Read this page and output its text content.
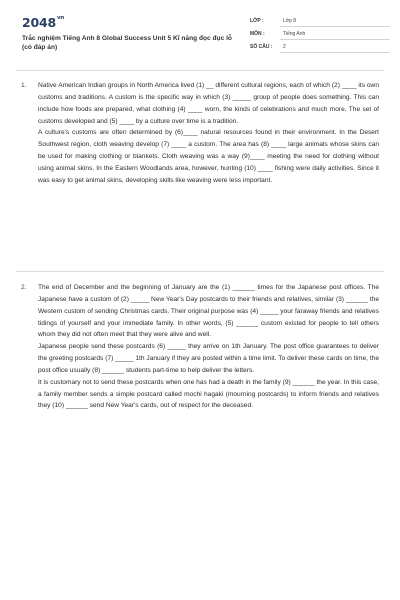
$2048^{vn}$
Trắc nghiệm Tiếng Anh 8 Global Success Unit 5 Kĩ năng đọc đục lỗ (có đáp án)
LỚP :	Lớp 8
MÔN :	Tiếng Anh
SỐ CÂU : 2
1. Native American Indian groups in North America lived (1) __ different cultural regions, each of which (2) ____ its own customs and traditions. A custom is the specific way in which (3) _____ group of people does something. This can include how foods are prepared, what clothing (4) ____ worn, the kinds of celebrations and much more. The set of customs developed and (5) ____ by a culture over time is a tradition.

A culture's customs are often determined by (6)____ natural resources found in their environment. In the Desert Southwest region, cloth weaving develop (7) ____ a custom. The area has (8) ____ large animals whose skins can be used for making clothing or blankets. Cloth weaving was a way (9)____ meeting the need for clothing without using animal skins. In the Eastern Woodlands area, however, hunting (10) ____ fishing were daily activities. Since it was easy to get animal skins, developing skills like weaving were less important.

2. The end of December and the beginning of January are the (1) ______ times for the Japanese post offices. The Japanese have a custom of (2) _____ New Year's Day postcards to their friends and relatives, similar (3) ______ the Western custom of sending Christmas cards. Their original purpose was (4) _____ your faraway friends and relatives tidings of yourself and your immediate family. In other words, (5) ______ custom existed for people to tell others whom they did not often meet that they were alive and well.

Japanese people send these postcards (6) _____ they arrive on 1th January. The post office guarantees to deliver the greeting postcards (7) _____ 1th January if they are posted within a time limit. To deliver these cards on time, the post office usually (8) ______ students part-time to help deliver the letters.

It is customary not to send these postcards when one has had a death in the family (9) ______ the year. In this case, a family member sends a simple postcard called mochi hagaki (mourning postcards) to inform friends and relatives they (10) ______ send New Year's cards, out of respect for the deceased.
